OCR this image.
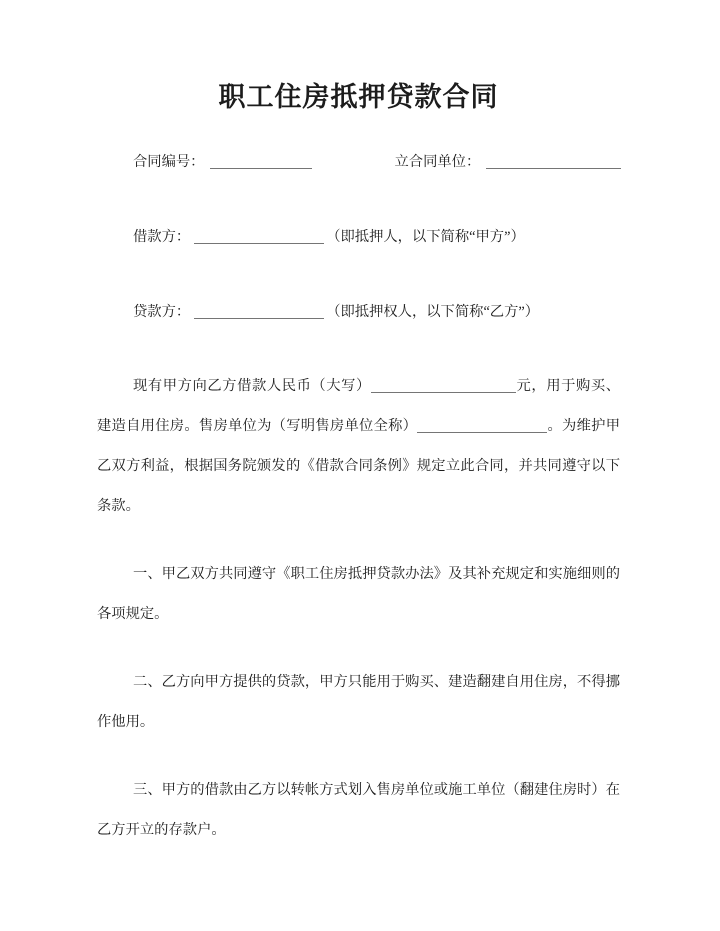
职工住房抵押贷款合同
合同编号：	立合同单位：
借款方：	（即抵押人，以下简称“甲方”）
贷款方：	（即抵押权人，以下简称“乙方”）

现有甲方向乙方借款人民币（大写）	元，用于购买、建造自用住房。售房单位为（写明售房单位全称）	。为维护甲乙双方利益，根据国务院颁发的《借款合同条例》规定立此合同，并共同遵守以下条款。

一、甲乙双方共同遵守《职工住房抵押贷款办法》及其补充规定和实施细则的各项规定。

二、乙方向甲方提供的贷款，甲方只能用于购买、建造翻建自用住房，不得挪作他用。

三、甲方的借款由乙方以转帐方式划入售房单位或施工单位（翻建住房时）在乙方开立的存款户。
